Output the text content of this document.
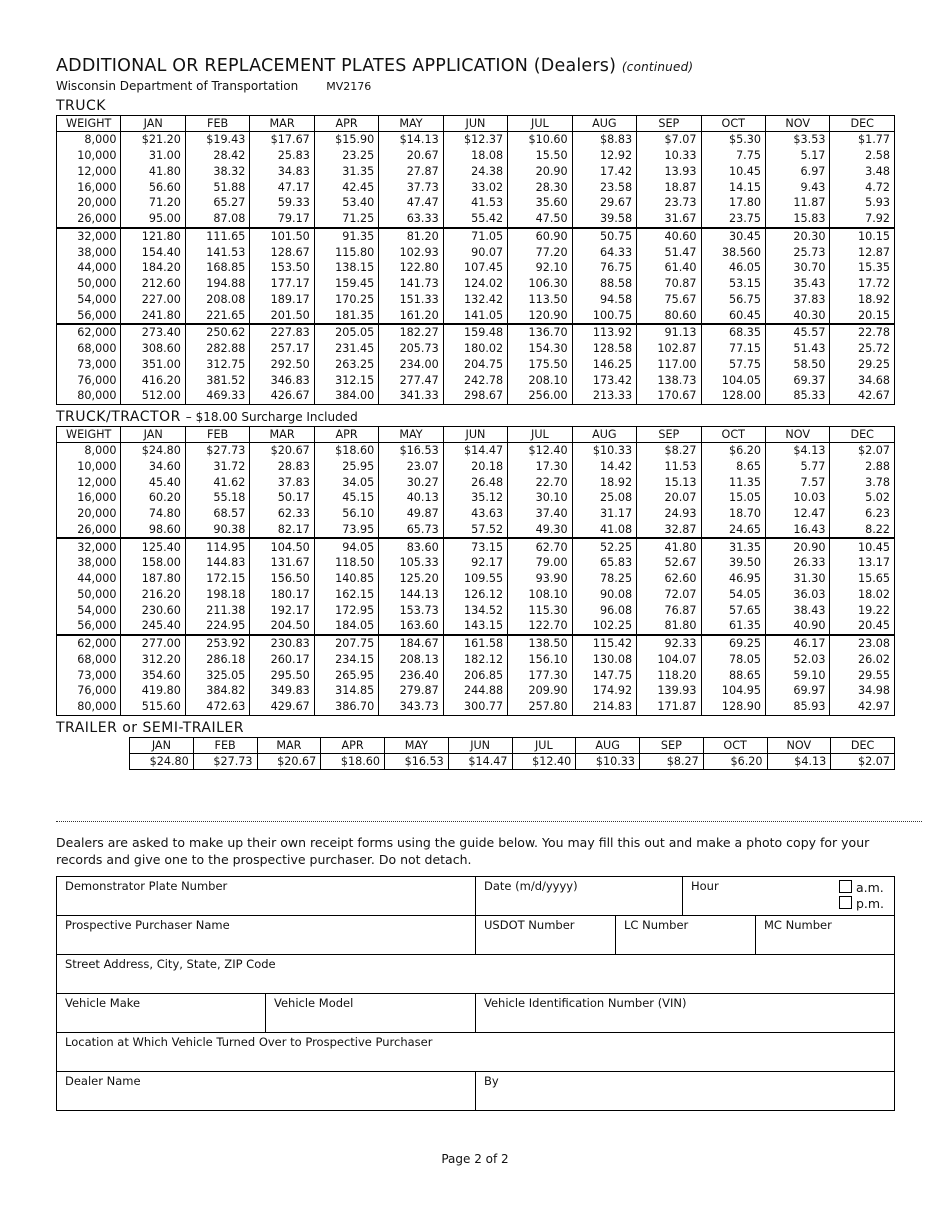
ADDITIONAL OR REPLACEMENT PLATES APPLICATION (Dealers) (continued)
Wisconsin Department of Transportation	MV2176
TRUCK
WEIGHT	JAN	FEB	MAR	APR	MAY	JUN	JUL	AUG	SEP	OCT	NOV	DEC
8,000	$21.20	$19.43	$17.67	$15.90	$14.13	$12.37	$10.60	$8.83	$7.07	$5.30	$3.53	$1.77
10,000	31.00	28.42	25.83	23.25	20.67	18.08	15.50	12.92	10.33	7.75	5.17	2.58
12,000	41.80	38.32	34.83	31.35	27.87	24.38	20.90	17.42	13.93	10.45	6.97	3.48
16,000	56.60	51.88	47.17	42.45	37.73	33.02	28.30	23.58	18.87	14.15	9.43	4.72
20,000	71.20	65.27	59.33	53.40	47.47	41.53	35.60	29.67	23.73	17.80	11.87	5.93
26,000	95.00	87.08	79.17	71.25	63.33	55.42	47.50	39.58	31.67	23.75	15.83	7.92
32,000	121.80	111.65	101.50	91.35	81.20	71.05	60.90	50.75	40.60	30.45	20.30	10.15
38,000	154.40	141.53	128.67	115.80	102.93	90.07	77.20	64.33	51.47	38.560	25.73	12.87
44,000	184.20	168.85	153.50	138.15	122.80	107.45	92.10	76.75	61.40	46.05	30.70	15.35
50,000	212.60	194.88	177.17	159.45	141.73	124.02	106.30	88.58	70.87	53.15	35.43	17.72
54,000	227.00	208.08	189.17	170.25	151.33	132.42	113.50	94.58	75.67	56.75	37.83	18.92
56,000	241.80	221.65	201.50	181.35	161.20	141.05	120.90	100.75	80.60	60.45	40.30	20.15
62,000	273.40	250.62	227.83	205.05	182.27	159.48	136.70	113.92	91.13	68.35	45.57	22.78
68,000	308.60	282.88	257.17	231.45	205.73	180.02	154.30	128.58	102.87	77.15	51.43	25.72
73,000	351.00	312.75	292.50	263.25	234.00	204.75	175.50	146.25	117.00	57.75	58.50	29.25
76,000	416.20	381.52	346.83	312.15	277.47	242.78	208.10	173.42	138.73	104.05	69.37	34.68
80,000	512.00	469.33	426.67	384.00	341.33	298.67	256.00	213.33	170.67	128.00	85.33	42.67
TRUCK/TRACTOR – $18.00 Surcharge Included
WEIGHT	JAN	FEB	MAR	APR	MAY	JUN	JUL	AUG	SEP	OCT	NOV	DEC
8,000	$24.80	$27.73	$20.67	$18.60	$16.53	$14.47	$12.40	$10.33	$8.27	$6.20	$4.13	$2.07
10,000	34.60	31.72	28.83	25.95	23.07	20.18	17.30	14.42	11.53	8.65	5.77	2.88
12,000	45.40	41.62	37.83	34.05	30.27	26.48	22.70	18.92	15.13	11.35	7.57	3.78
16,000	60.20	55.18	50.17	45.15	40.13	35.12	30.10	25.08	20.07	15.05	10.03	5.02
20,000	74.80	68.57	62.33	56.10	49.87	43.63	37.40	31.17	24.93	18.70	12.47	6.23
26,000	98.60	90.38	82.17	73.95	65.73	57.52	49.30	41.08	32.87	24.65	16.43	8.22
32,000	125.40	114.95	104.50	94.05	83.60	73.15	62.70	52.25	41.80	31.35	20.90	10.45
38,000	158.00	144.83	131.67	118.50	105.33	92.17	79.00	65.83	52.67	39.50	26.33	13.17
44,000	187.80	172.15	156.50	140.85	125.20	109.55	93.90	78.25	62.60	46.95	31.30	15.65
50,000	216.20	198.18	180.17	162.15	144.13	126.12	108.10	90.08	72.07	54.05	36.03	18.02
54,000	230.60	211.38	192.17	172.95	153.73	134.52	115.30	96.08	76.87	57.65	38.43	19.22
56,000	245.40	224.95	204.50	184.05	163.60	143.15	122.70	102.25	81.80	61.35	40.90	20.45
62,000	277.00	253.92	230.83	207.75	184.67	161.58	138.50	115.42	92.33	69.25	46.17	23.08
68,000	312.20	286.18	260.17	234.15	208.13	182.12	156.10	130.08	104.07	78.05	52.03	26.02
73,000	354.60	325.05	295.50	265.95	236.40	206.85	177.30	147.75	118.20	88.65	59.10	29.55
76,000	419.80	384.82	349.83	314.85	279.87	244.88	209.90	174.92	139.93	104.95	69.97	34.98
80,000	515.60	472.63	429.67	386.70	343.73	300.77	257.80	214.83	171.87	128.90	85.93	42.97
TRAILER or SEMI-TRAILER
JAN	FEB	MAR	APR	MAY	JUN	JUL	AUG	SEP	OCT	NOV	DEC
$24.80	$27.73	$20.67	$18.60	$16.53	$14.47	$12.40	$10.33	$8.27	$6.20	$4.13	$2.07
Dealers are asked to make up their own receipt forms using the guide below. You may fill this out and make a photo copy for your records and give one to the prospective purchaser. Do not detach.
Demonstrator Plate Number	Date (m/d/yyyy)	Hour	a.m.
p.m.
Prospective Purchaser Name	USDOT Number	LC Number	MC Number
Street Address, City, State, ZIP Code
Vehicle Make	Vehicle Model	Vehicle Identification Number (VIN)
Location at Which Vehicle Turned Over to Prospective Purchaser
Dealer Name	By
Page 2 of 2
